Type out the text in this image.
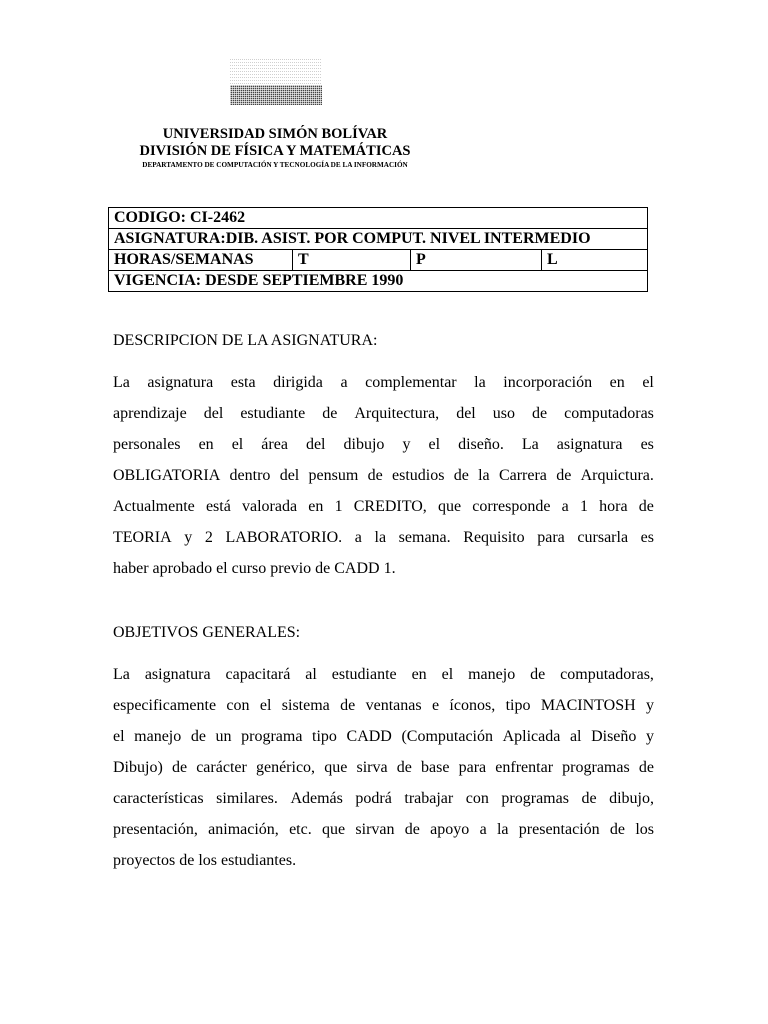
UNIVERSIDAD SIMÓN BOLÍVAR
DIVISIÓN DE FÍSICA Y MATEMÁTICAS
DEPARTAMENTO DE COMPUTACIÓN Y TECNOLOGÍA DE LA INFORMACIÓN
CODIGO: CI-2462
ASIGNATURA:DIB. ASIST. POR COMPUT. NIVEL INTERMEDIO
HORAS/SEMANAS	T	P	L
VIGENCIA: DESDE SEPTIEMBRE 1990
DESCRIPCION DE LA ASIGNATURA:
La asignatura esta dirigida a complementar la incorporación en el
aprendizaje del estudiante de Arquitectura, del uso de computadoras
personales en el área del dibujo y el diseño. La asignatura es
OBLIGATORIA dentro del pensum de estudios de la Carrera de Arquictura.
Actualmente está valorada en 1 CREDITO, que corresponde a 1 hora de
TEORIA y 2 LABORATORIO. a la semana. Requisito para cursarla es
haber aprobado el curso previo de CADD 1.
OBJETIVOS GENERALES:
La asignatura capacitará al estudiante en el manejo de computadoras,
especificamente con el sistema de ventanas e íconos, tipo MACINTOSH y
el manejo de un programa tipo CADD (Computación Aplicada al Diseño y
Dibujo) de carácter genérico, que sirva de base para enfrentar programas de
características similares. Además podrá trabajar con programas de dibujo,
presentación, animación, etc. que sirvan de apoyo a la presentación de los
proyectos de los estudiantes.
